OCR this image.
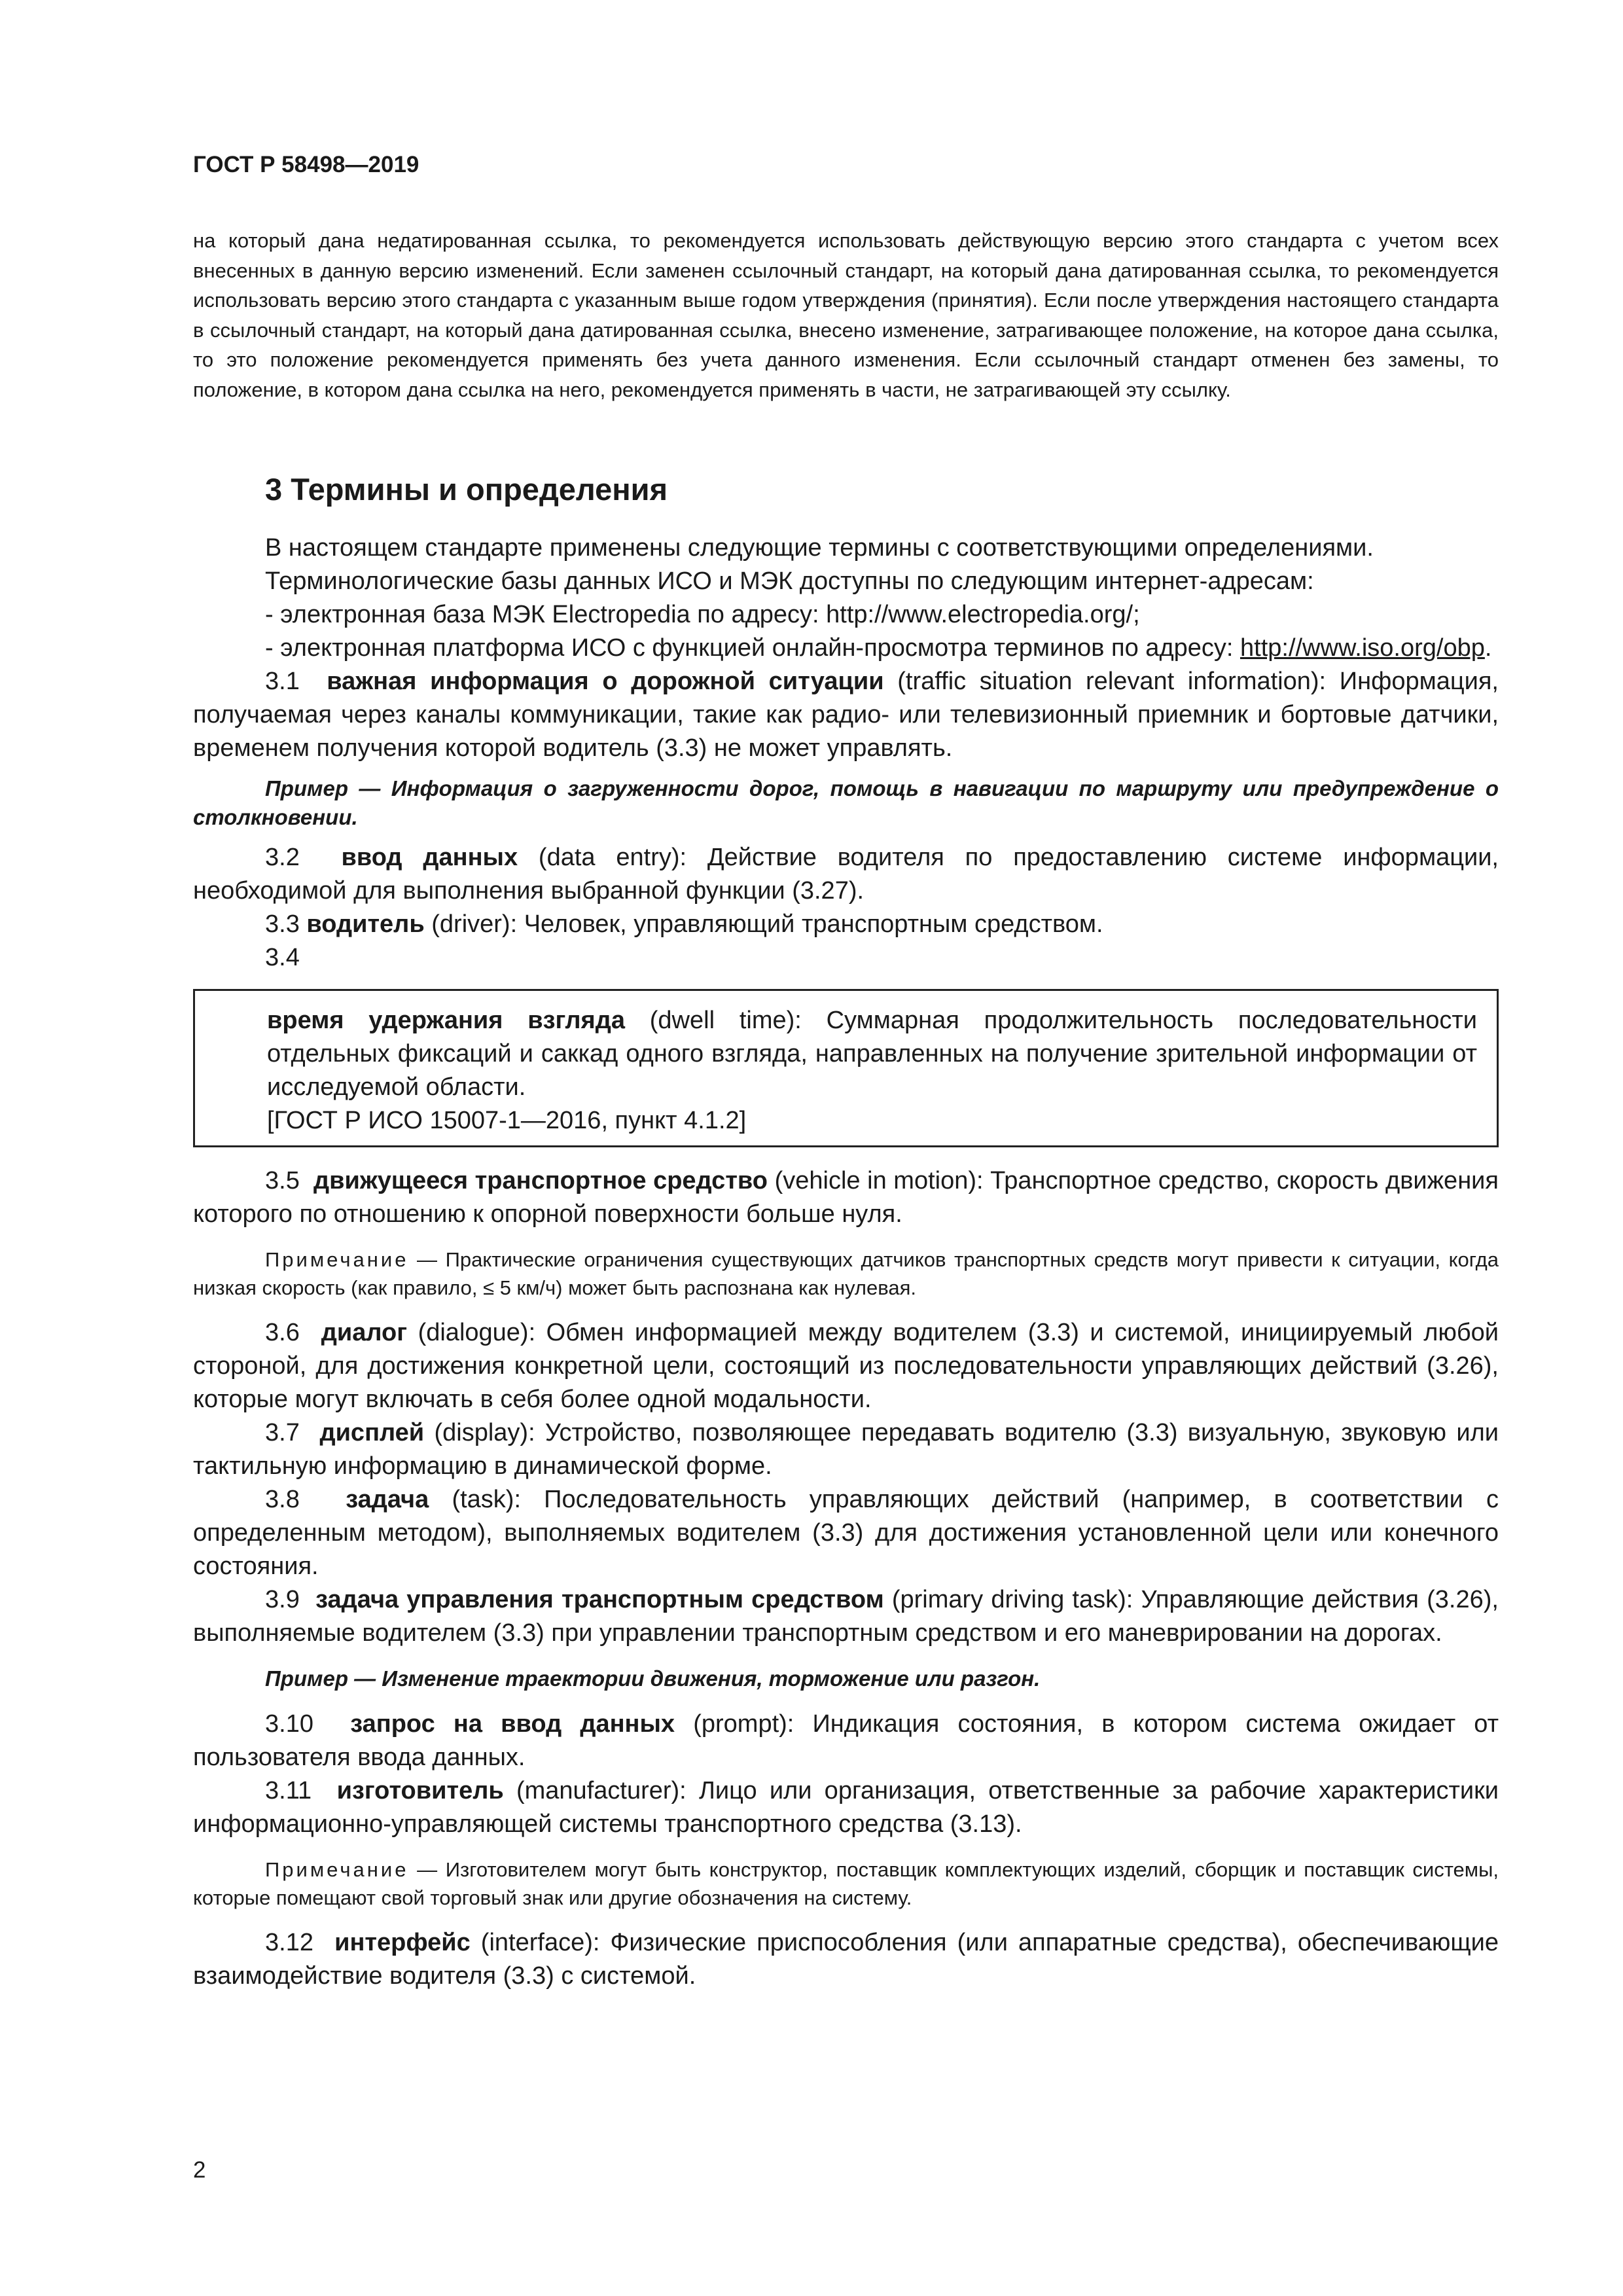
ГОСТ Р 58498—2019

на который дана недатированная ссылка, то рекомендуется использовать действующую версию этого стандарта с учетом всех внесенных в данную версию изменений. Если заменен ссылочный стандарт, на который дана датированная ссылка, то рекомендуется использовать версию этого стандарта с указанным выше годом утверждения (принятия). Если после утверждения настоящего стандарта в ссылочный стандарт, на который дана датированная ссылка, внесено изменение, затрагивающее положение, на которое дана ссылка, то это положение рекомендуется применять без учета данного изменения. Если ссылочный стандарт отменен без замены, то положение, в котором дана ссылка на него, рекомендуется применять в части, не затрагивающей эту ссылку.

3 Термины и определения

В настоящем стандарте применены следующие термины с соответствующими определениями.

Терминологические базы данных ИСО и МЭК доступны по следующим интернет-адресам:

- электронная база МЭК Electropedia по адресу: http://www.electropedia.org/;

- электронная платформа ИСО с функцией онлайн-просмотра терминов по адресу: http://www.iso.org/obp.

3.1 важная информация о дорожной ситуации (traffic situation relevant information): Информация, получаемая через каналы коммуникации, такие как радио- или телевизионный приемник и бортовые датчики, временем получения которой водитель (3.3) не может управлять.

Пример — Информация о загруженности дорог, помощь в навигации по маршруту или предупреждение о столкновении.

3.2 ввод данных (data entry): Действие водителя по предоставлению системе информации, необходимой для выполнения выбранной функции (3.27).

3.3 водитель (driver): Человек, управляющий транспортным средством.

3.4

время удержания взгляда (dwell time): Суммарная продолжительность последовательности отдельных фиксаций и саккад одного взгляда, направленных на получение зрительной информации от исследуемой области.

[ГОСТ Р ИСО 15007-1—2016, пункт 4.1.2]

3.5 движущееся транспортное средство (vehicle in motion): Транспортное средство, скорость движения которого по отношению к опорной поверхности больше нуля.

Примечание — Практические ограничения существующих датчиков транспортных средств могут привести к ситуации, когда низкая скорость (как правило, ≤ 5 км/ч) может быть распознана как нулевая.

3.6 диалог (dialogue): Обмен информацией между водителем (3.3) и системой, инициируемый любой стороной, для достижения конкретной цели, состоящий из последовательности управляющих действий (3.26), которые могут включать в себя более одной модальности.

3.7 дисплей (display): Устройство, позволяющее передавать водителю (3.3) визуальную, звуковую или тактильную информацию в динамической форме.

3.8 задача (task): Последовательность управляющих действий (например, в соответствии с определенным методом), выполняемых водителем (3.3) для достижения установленной цели или конечного состояния.

3.9 задача управления транспортным средством (primary driving task): Управляющие действия (3.26), выполняемые водителем (3.3) при управлении транспортным средством и его маневрировании на дорогах.

Пример — Изменение траектории движения, торможение или разгон.

3.10 запрос на ввод данных (prompt): Индикация состояния, в котором система ожидает от пользователя ввода данных.

3.11 изготовитель (manufacturer): Лицо или организация, ответственные за рабочие характеристики информационно-управляющей системы транспортного средства (3.13).

Примечание — Изготовителем могут быть конструктор, поставщик комплектующих изделий, сборщик и поставщик системы, которые помещают свой торговый знак или другие обозначения на систему.

3.12 интерфейс (interface): Физические приспособления (или аппаратные средства), обеспечивающие взаимодействие водителя (3.3) с системой.

2
